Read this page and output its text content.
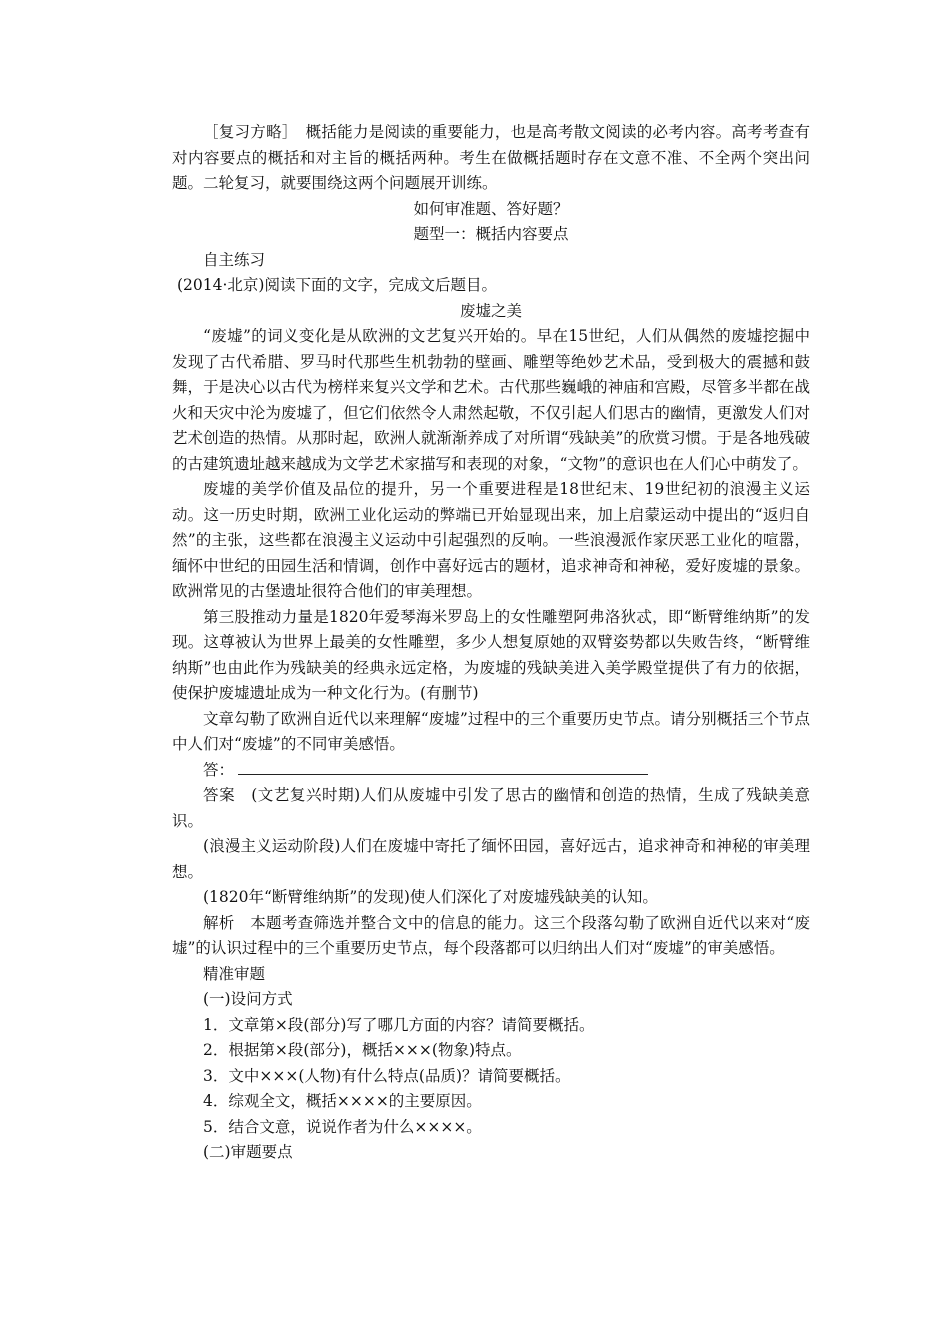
［复习方略］　概括能力是阅读的重要能力，也是高考散文阅读的必考内容。高考考查有对内容要点的概括和对主旨的概括两种。考生在做概括题时存在文意不准、不全两个突出问题。二轮复习，就要围绕这两个问题展开训练。

如何审准题、答好题？

题型一：概括内容要点

自主练习

(2014·北京)阅读下面的文字，完成文后题目。

废墟之美

“废墟”的词义变化是从欧洲的文艺复兴开始的。早在15世纪，人们从偶然的废墟挖掘中发现了古代希腊、罗马时代那些生机勃勃的壁画、雕塑等绝妙艺术品，受到极大的震撼和鼓舞，于是决心以古代为榜样来复兴文学和艺术。古代那些巍峨的神庙和宫殿，尽管多半都在战火和天灾中沦为废墟了，但它们依然令人肃然起敬，不仅引起人们思古的幽情，更激发人们对艺术创造的热情。从那时起，欧洲人就渐渐养成了对所谓“残缺美”的欣赏习惯。于是各地残破的古建筑遗址越来越成为文学艺术家描写和表现的对象，“文物”的意识也在人们心中萌发了。

废墟的美学价值及品位的提升，另一个重要进程是18世纪末、19世纪初的浪漫主义运动。这一历史时期，欧洲工业化运动的弊端已开始显现出来，加上启蒙运动中提出的“返归自然”的主张，这些都在浪漫主义运动中引起强烈的反响。一些浪漫派作家厌恶工业化的喧嚣，缅怀中世纪的田园生活和情调，创作中喜好远古的题材，追求神奇和神秘，爱好废墟的景象。欧洲常见的古堡遗址很符合他们的审美理想。

第三股推动力量是1820年爱琴海米罗岛上的女性雕塑阿弗洛狄忒，即“断臂维纳斯”的发现。这尊被认为世界上最美的女性雕塑，多少人想复原她的双臂姿势都以失败告终，“断臂维纳斯”也由此作为残缺美的经典永远定格，为废墟的残缺美进入美学殿堂提供了有力的依据，使保护废墟遗址成为一种文化行为。(有删节)

文章勾勒了欧洲自近代以来理解“废墟”过程中的三个重要历史节点。请分别概括三个节点中人们对“废墟”的不同审美感悟。

答：

答案　(文艺复兴时期)人们从废墟中引发了思古的幽情和创造的热情，生成了残缺美意识。

(浪漫主义运动阶段)人们在废墟中寄托了缅怀田园，喜好远古，追求神奇和神秘的审美理想。

(1820年“断臂维纳斯”的发现)使人们深化了对废墟残缺美的认知。

解析　本题考查筛选并整合文中的信息的能力。这三个段落勾勒了欧洲自近代以来对“废墟”的认识过程中的三个重要历史节点，每个段落都可以归纳出人们对“废墟”的审美感悟。

精准审题

(一)设问方式

1．文章第×段(部分)写了哪几方面的内容？请简要概括。

2．根据第×段(部分)，概括×××(物象)特点。

3．文中×××(人物)有什么特点(品质)？请简要概括。

4．综观全文，概括××××的主要原因。

5．结合文意，说说作者为什么××××。

(二)审题要点
